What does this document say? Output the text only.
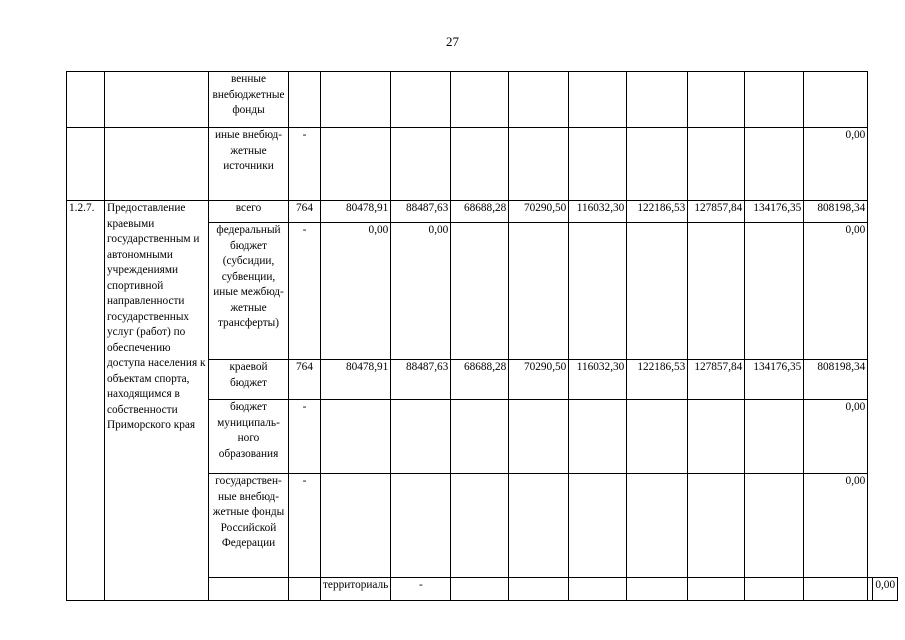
27
		венные внебюджетные фонды												
		иные внебюд-жетные источники	-									0,00		
1.2.7.	Предоставление краевыми государственным и автономными учреждениями спортивной направленности государственных услуг (работ) по обеспечению доступа населения к объектам спорта, находящимся в собственности Приморского края	всего	764	80478,91	88487,63	68688,28	70290,50	116032,30	122186,53	127857,84	134176,35	808198,34		
		федеральный бюджет (субсидии, субвенции, иные межбюд-жетные трансферты)	-	0,00	0,00							0,00		
		краевой бюджет	764	80478,91	88487,63	68688,28	70290,50	116032,30	122186,53	127857,84	134176,35	808198,34		
		бюджет муниципаль-ного образования	-									0,00		
		государствен-ные внебюд-жетные фонды Российской Федерации	-									0,00		
				территориаль	-									0,00
